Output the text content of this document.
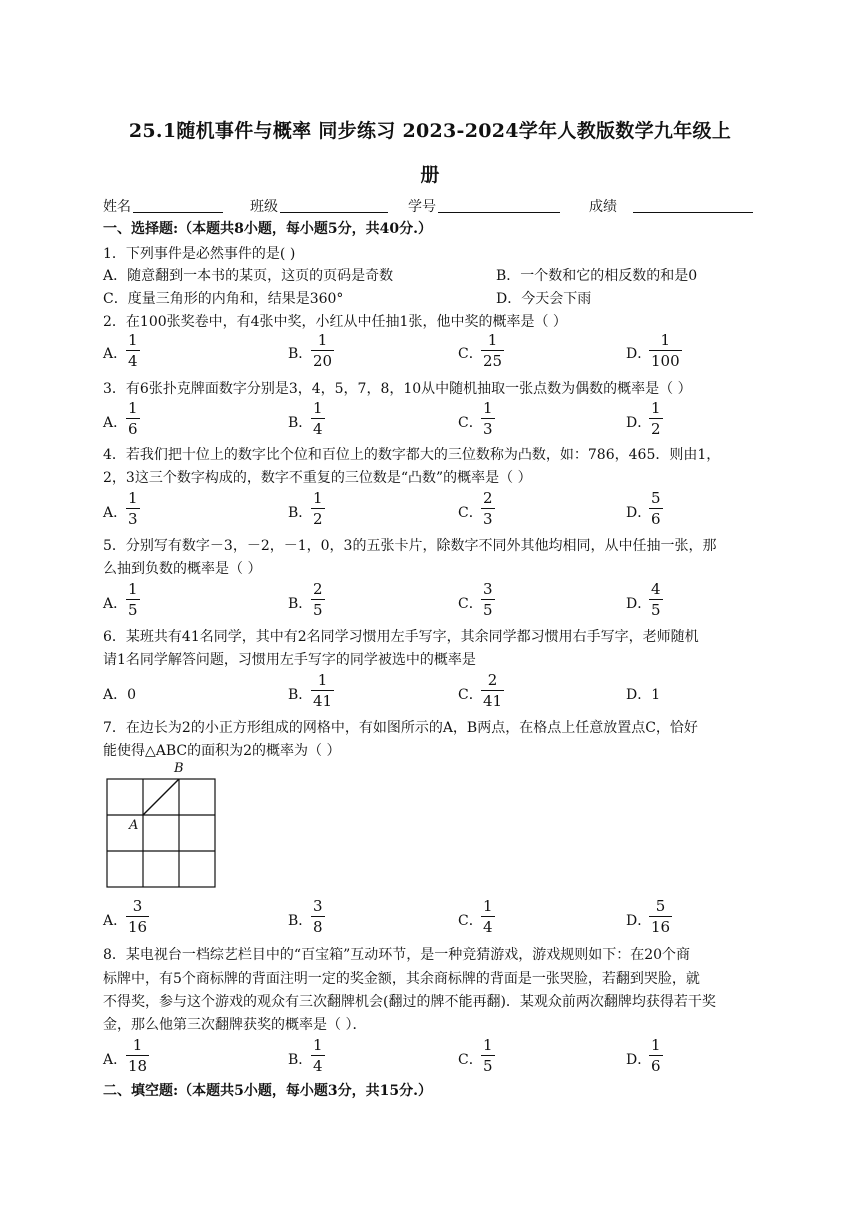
25.1随机事件与概率 同步练习 2023-2024学年人教版数学九年级上
册
姓名	班级	学号	成绩
一、选择题:（本题共8小题，每小题5分，共40分.）
1．下列事件是必然事件的是( )
A．随意翻到一本书的某页，这页的页码是奇数	B．一个数和它的相反数的和是0
C．度量三角形的内角和，结果是360°	D．今天会下雨
2．在100张奖卷中，有4张中奖，小红从中任抽1张，他中奖的概率是（ ）
A．
1
4	B．
1
20	C．
1
25	D．
1
100
3．有6张扑克牌面数字分别是3，4，5，7，8，10从中随机抽取一张点数为偶数的概率是（ ）
A．
1
6	B．
1
4	C．
1
3	D．
1
2
4．若我们把十位上的数字比个位和百位上的数字都大的三位数称为凸数，如：786，465．则由1，
2，3这三个数字构成的，数字不重复的三位数是“凸数”的概率是（ ）
A．
1
3	B．
1
2	C．
2
3	D．
5
6
5．分别写有数字－3，－2，－1，0，3的五张卡片，除数字不同外其他均相同，从中任抽一张，那
么抽到负数的概率是（ ）
A．
1
5	B．
2
5	C．
3
5	D．
4
5
6．某班共有41名同学，其中有2名同学习惯用左手写字，其余同学都习惯用右手写字，老师随机
请1名同学解答问题，习惯用左手写字的同学被选中的概率是
A．0	B．
1
41	C．
2
41	D．1
7．在边长为2的小正方形组成的网格中，有如图所示的A，B两点，在格点上任意放置点C，恰好
能使得△ABC的面积为2的概率为（ ）
B
A
A．
3
16	B．
3
8	C．
1
4	D．
5
16
8．某电视台一档综艺栏目中的“百宝箱”互动环节，是一种竞猜游戏，游戏规则如下：在20个商
标牌中，有5个商标牌的背面注明一定的奖金额，其余商标牌的背面是一张哭脸，若翻到哭脸，就
不得奖，参与这个游戏的观众有三次翻牌机会(翻过的牌不能再翻)．某观众前两次翻牌均获得若干奖
金，那么他第三次翻牌获奖的概率是（ ）．
A．
1
18	B．
1
4	C．
1
5	D．
1
6
二、填空题:（本题共5小题，每小题3分，共15分.）
